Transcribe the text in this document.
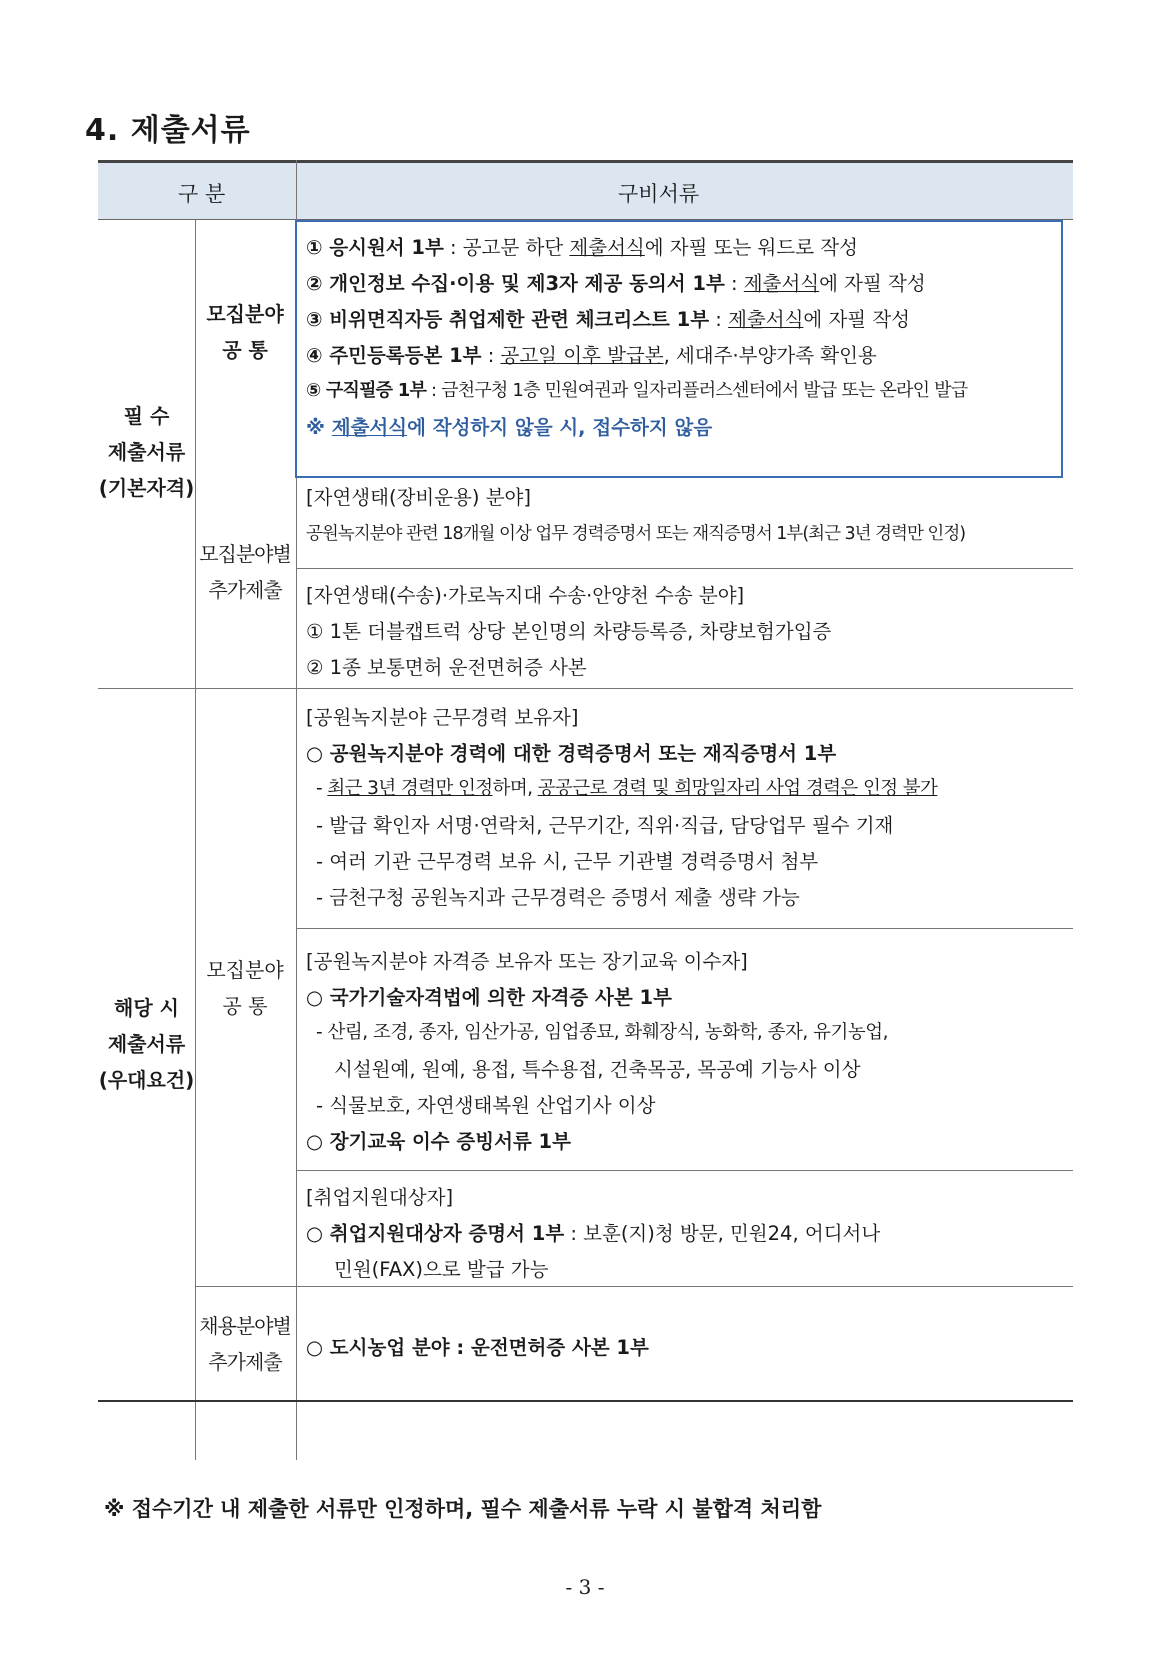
4. 제출서류
구 분	구비서류
필 수
제출서류
(기본자격)
모집분야
공 통
① 응시원서 1부 : 공고문 하단 제출서식에 자필 또는 워드로 작성
② 개인정보 수집·이용 및 제3자 제공 동의서 1부 : 제출서식에 자필 작성
③ 비위면직자등 취업제한 관련 체크리스트 1부 : 제출서식에 자필 작성
④ 주민등록등본 1부 : 공고일 이후 발급본, 세대주·부양가족 확인용
⑤ 구직필증 1부 : 금천구청 1층 민원여권과 일자리플러스센터에서 발급 또는 온라인 발급
※ 제출서식에 작성하지 않을 시, 접수하지 않음
모집분야별
추가제출
[자연생태(장비운용) 분야]
공원녹지분야 관련 18개월 이상 업무 경력증명서 또는 재직증명서 1부(최근 3년 경력만 인정)
[자연생태(수송)·가로녹지대 수송·안양천 수송 분야]
① 1톤 더블캡트럭 상당 본인명의 차량등록증, 차량보험가입증
② 1종 보통면허 운전면허증 사본
해당 시
제출서류
(우대요건)
모집분야
공 통
[공원녹지분야 근무경력 보유자]
○ 공원녹지분야 경력에 대한 경력증명서 또는 재직증명서 1부
- 최근 3년 경력만 인정하며, 공공근로 경력 및 희망일자리 사업 경력은 인정 불가
- 발급 확인자 서명·연락처, 근무기간, 직위·직급, 담당업무 필수 기재
- 여러 기관 근무경력 보유 시, 근무 기관별 경력증명서 첨부
- 금천구청 공원녹지과 근무경력은 증명서 제출 생략 가능
[공원녹지분야 자격증 보유자 또는 장기교육 이수자]
○ 국가기술자격법에 의한 자격증 사본 1부
- 산림, 조경, 종자, 임산가공, 임업종묘, 화훼장식, 농화학, 종자, 유기농업,
시설원예, 원예, 용접, 특수용접, 건축목공, 목공예 기능사 이상
- 식물보호, 자연생태복원 산업기사 이상
○ 장기교육 이수 증빙서류 1부
[취업지원대상자]
○ 취업지원대상자 증명서 1부 : 보훈(지)청 방문, 민원24, 어디서나
민원(FAX)으로 발급 가능
채용분야별
추가제출
○ 도시농업 분야 : 운전면허증 사본 1부
※ 접수기간 내 제출한 서류만 인정하며, 필수 제출서류 누락 시 불합격 처리함
- 3 -
